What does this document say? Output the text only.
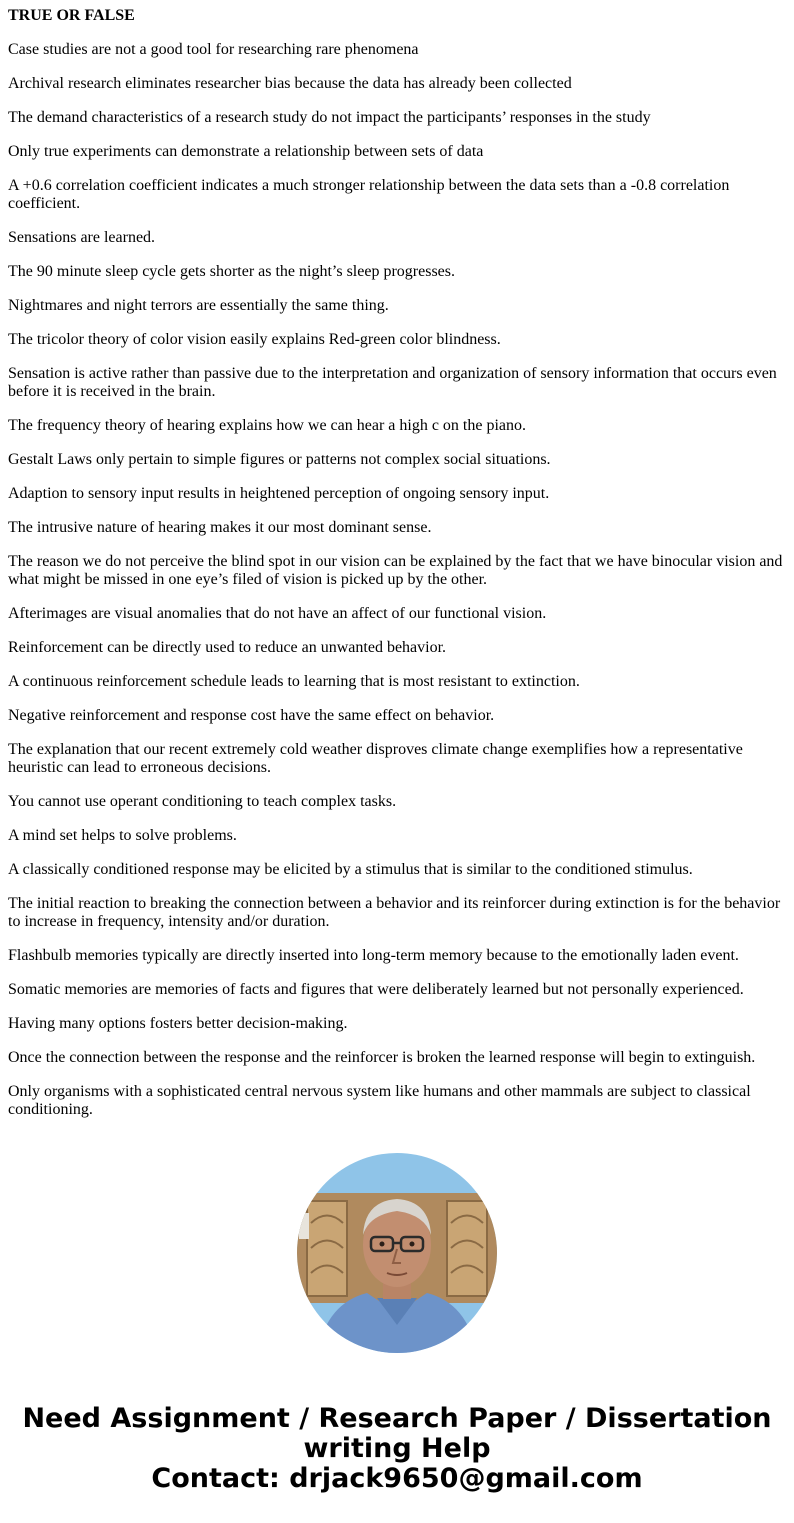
TRUE OR FALSE
Case studies are not a good tool for researching rare phenomena
Archival research eliminates researcher bias because the data has already been collected
The demand characteristics of a research study do not impact the participants’ responses in the study
Only true experiments can demonstrate a relationship between sets of data
A +0.6 correlation coefficient indicates a much stronger relationship between the data sets than a -0.8 correlation coefficient.
Sensations are learned.
The 90 minute sleep cycle gets shorter as the night’s sleep progresses.
Nightmares and night terrors are essentially the same thing.
The tricolor theory of color vision easily explains Red-green color blindness.
Sensation is active rather than passive due to the interpretation and organization of sensory information that occurs even before it is received in the brain.
The frequency theory of hearing explains how we can hear a high c on the piano.
Gestalt Laws only pertain to simple figures or patterns not complex social situations.
Adaption to sensory input results in heightened perception of ongoing sensory input.
The intrusive nature of hearing makes it our most dominant sense.
The reason we do not perceive the blind spot in our vision can be explained by the fact that we have binocular vision and what might be missed in one eye’s filed of vision is picked up by the other.
Afterimages are visual anomalies that do not have an affect of our functional vision.
Reinforcement can be directly used to reduce an unwanted behavior.
A continuous reinforcement schedule leads to learning that is most resistant to extinction.
Negative reinforcement and response cost have the same effect on behavior.
The explanation that our recent extremely cold weather disproves climate change exemplifies how a representative heuristic can lead to erroneous decisions.
You cannot use operant conditioning to teach complex tasks.
A mind set helps to solve problems.
A classically conditioned response may be elicited by a stimulus that is similar to the conditioned stimulus.
The initial reaction to breaking the connection between a behavior and its reinforcer during extinction is for the behavior to increase in frequency, intensity and/or duration.
Flashbulb memories typically are directly inserted into long-term memory because to the emotionally laden event.
Somatic memories are memories of facts and figures that were deliberately learned but not personally experienced.
Having many options fosters better decision-making.
Once the connection between the response and the reinforcer is broken the learned response will begin to extinguish.
Only organisms with a sophisticated central nervous system like humans and other mammals are subject to classical conditioning.
Need Assignment / Research Paper / Dissertation
writing Help
Contact: drjack9650@gmail.com
